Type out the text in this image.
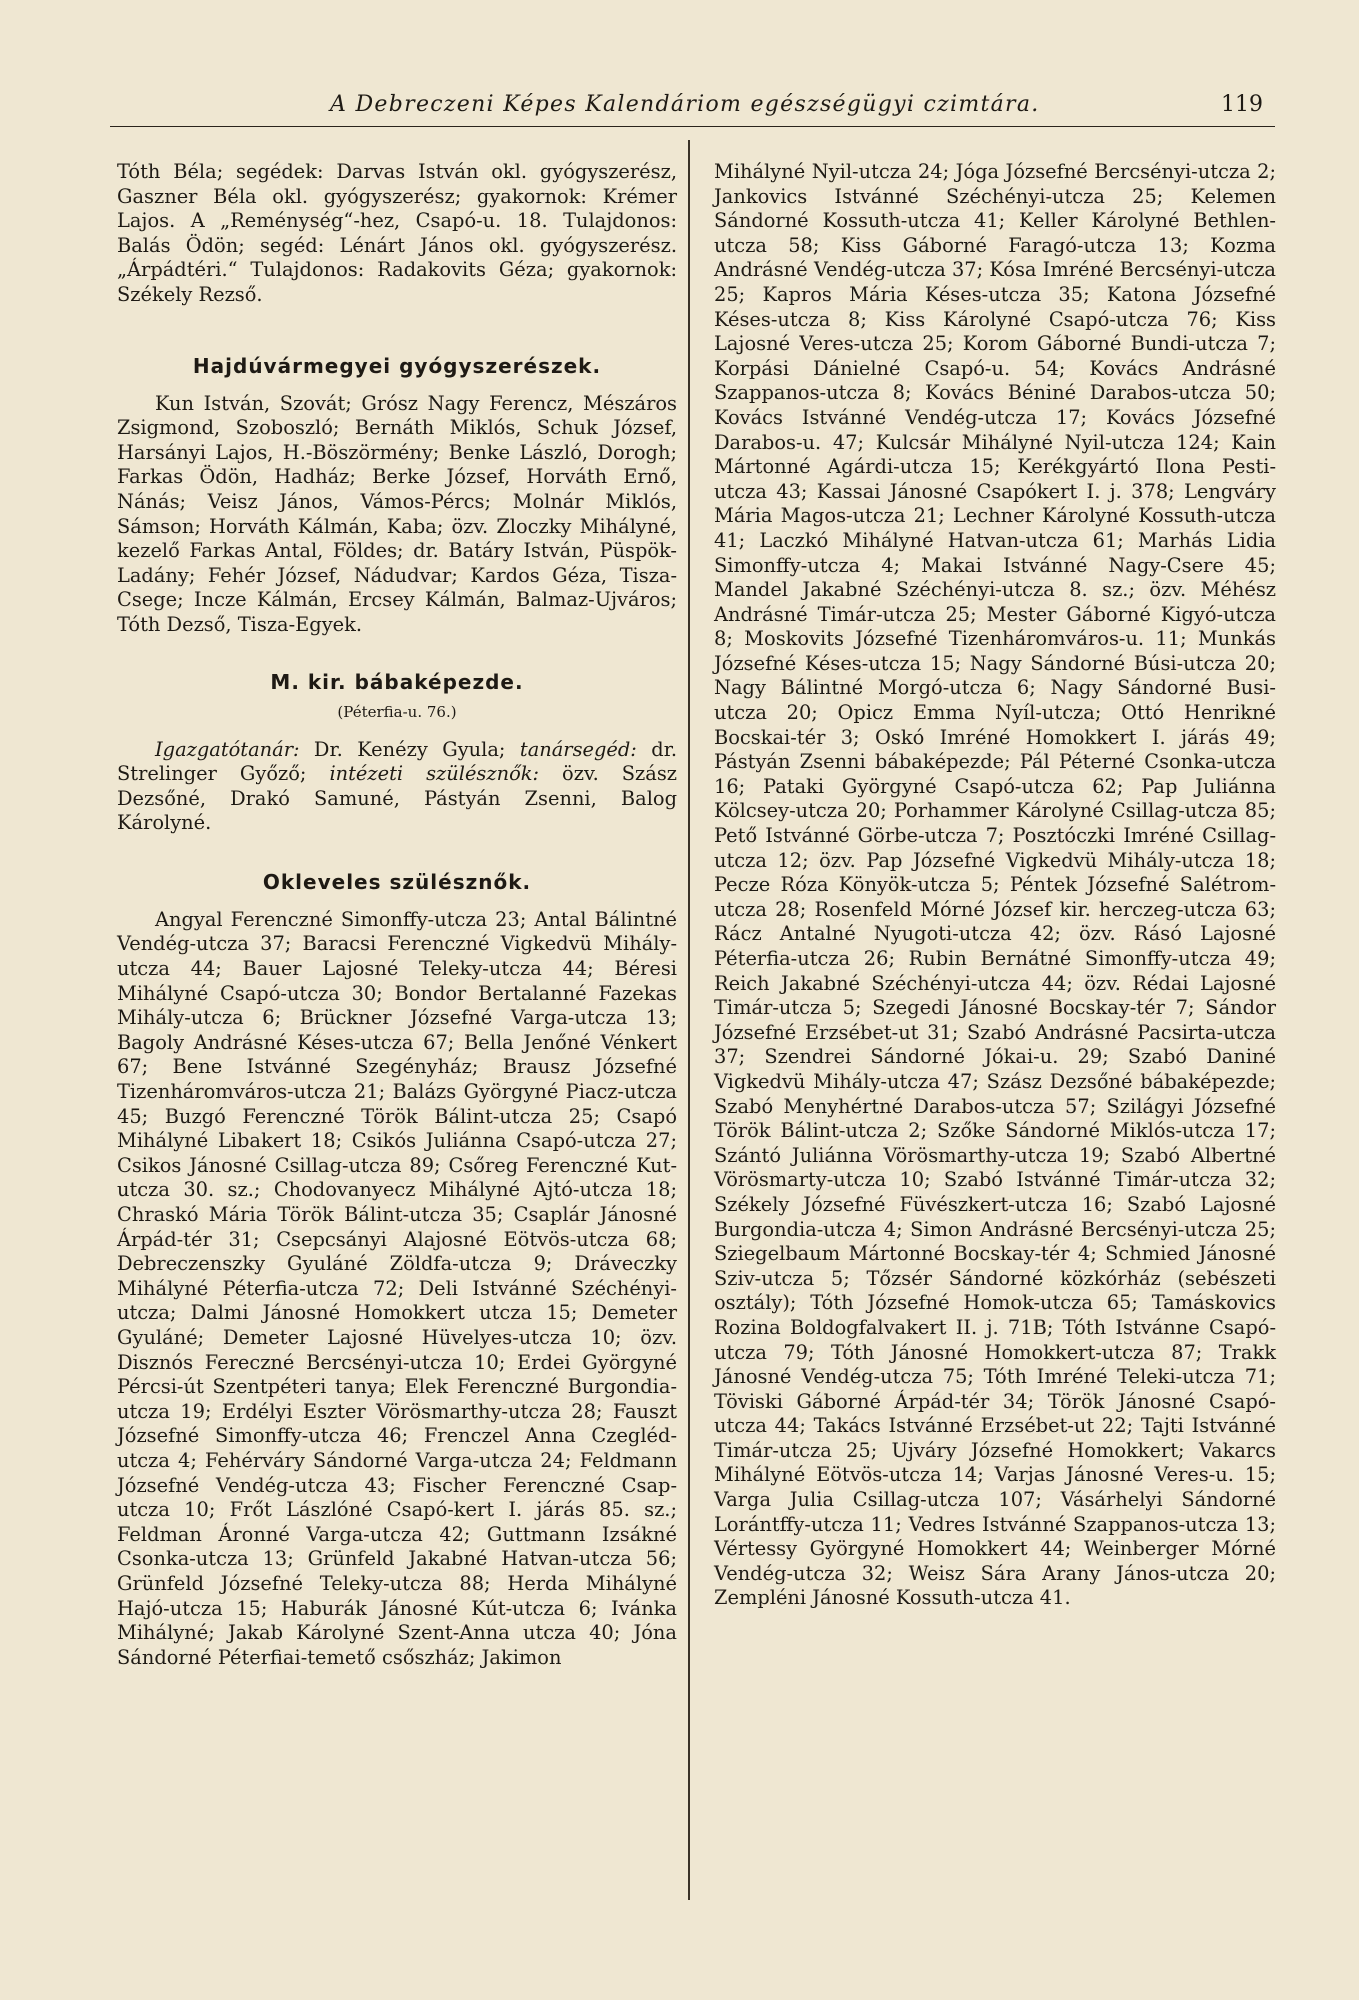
A Debreczeni Képes Kalendáriom egészségügyi czimtára.	119

Tóth Béla; segédek: Darvas István okl. gyógyszerész, Gaszner Béla okl. gyógyszerész; gyakornok: Krémer Lajos. A „Reménység“-hez, Csapó-u. 18. Tulajdonos: Balás Ödön; segéd: Lénárt János okl. gyógyszerész. „Árpádtéri.“ Tulajdonos: Radakovits Géza; gyakornok: Székely Rezső.

Hajdúvármegyei gyógyszerészek.

Kun István, Szovát; Grósz Nagy Ferencz, Mészáros Zsigmond, Szoboszló; Bernáth Miklós, Schuk József, Harsányi Lajos, H.-Böszörmény; Benke László, Dorogh; Farkas Ödön, Hadház; Berke József, Horváth Ernő, Nánás; Veisz János, Vámos-Pércs; Molnár Miklós, Sámson; Horváth Kálmán, Kaba; özv. Zloczky Mihályné, kezelő Farkas Antal, Földes; dr. Batáry István, Püspök-Ladány; Fehér József, Nádudvar; Kardos Géza, Tisza-Csege; Incze Kálmán, Ercsey Kálmán, Balmaz-Ujváros; Tóth Dezső, Tisza-Egyek.

M. kir. bábaképezde.
(Péterfia-u. 76.)

Igazgatótanár: Dr. Kenézy Gyula; tanársegéd: dr. Strelinger Győző; intézeti szülésznők: özv. Szász Dezsőné, Drakó Samuné, Pástyán Zsenni, Balog Károlyné.

Okleveles szülésznők.

Angyal Ferenczné Simonffy-utcza 23; Antal Bálintné Vendég-utcza 37; Baracsi Ferenczné Vigkedvü Mihály-utcza 44; Bauer Lajosné Teleky-utcza 44; Béresi Mihályné Csapó-utcza 30; Bondor Bertalanné Fazekas Mihály-utcza 6; Brückner Józsefné Varga-utcza 13; Bagoly Andrásné Késes-utcza 67; Bella Jenőné Vénkert 67; Bene Istvánné Szegényház; Brausz Józsefné Tizenháromváros-utcza 21; Balázs Györgyné Piacz-utcza 45; Buzgó Ferenczné Török Bálint-utcza 25; Csapó Mihályné Libakert 18; Csikós Juliánna Csapó-utcza 27; Csikos Jánosné Csillag-utcza 89; Csőreg Ferenczné Kut-utcza 30. sz.; Chodovanyecz Mihályné Ajtó-utcza 18; Chraskó Mária Török Bálint-utcza 35; Csaplár Jánosné Árpád-tér 31; Csepcsányi Alajosné Eötvös-utcza 68; Debreczenszky Gyuláné Zöldfa-utcza 9; Dráveczky Mihályné Péterfia-utcza 72; Deli Istvánné Széchényi-utcza; Dalmi Jánosné Homokkert utcza 15; Demeter Gyuláné; Demeter Lajosné Hüvelyes-utcza 10; özv. Disznós Fereczné Bercsényi-utcza 10; Erdei Györgyné Pércsi-út Szentpéteri tanya; Elek Ferenczné Burgondia-utcza 19; Erdélyi Eszter Vörösmarthy-utcza 28; Fauszt Józsefné Simonffy-utcza 46; Frenczel Anna Czegléd-utcza 4; Fehérváry Sándorné Varga-utcza 24; Feldmann Józsefné Vendég-utcza 43; Fischer Ferenczné Csap-utcza 10; Frőt Lászlóné Csapó-kert I. járás 85. sz.; Feldman Áronné Varga-utcza 42; Guttmann Izsákné Csonka-utcza 13; Grünfeld Jakabné Hatvan-utcza 56; Grünfeld Józsefné Teleky-utcza 88; Herda Mihályné Hajó-utcza 15; Haburák Jánosné Kút-utcza 6; Ivánka Mihályné; Jakab Károlyné Szent-Anna utcza 40; Jóna Sándorné Péterfiai-temető csőszház; Jakimon

Mihályné Nyil-utcza 24; Jóga Józsefné Bercsényi-utcza 2; Jankovics Istvánné Széchényi-utcza 25; Kelemen Sándorné Kossuth-utcza 41; Keller Károlyné Bethlen-utcza 58; Kiss Gáborné Faragó-utcza 13; Kozma Andrásné Vendég-utcza 37; Kósa Imréné Bercsényi-utcza 25; Kapros Mária Késes-utcza 35; Katona Józsefné Késes-utcza 8; Kiss Károlyné Csapó-utcza 76; Kiss Lajosné Veres-utcza 25; Korom Gáborné Bundi-utcza 7; Korpási Dánielné Csapó-u. 54; Kovács Andrásné Szappanos-utcza 8; Kovács Béniné Darabos-utcza 50; Kovács Istvánné Vendég-utcza 17; Kovács Józsefné Darabos-u. 47; Kulcsár Mihályné Nyil-utcza 124; Kain Mártonné Agárdi-utcza 15; Kerékgyártó Ilona Pesti-utcza 43; Kassai Jánosné Csapókert I. j. 378; Lengváry Mária Magos-utcza 21; Lechner Károlyné Kossuth-utcza 41; Laczkó Mihályné Hatvan-utcza 61; Marhás Lidia Simonffy-utcza 4; Makai Istvánné Nagy-Csere 45; Mandel Jakabné Széchényi-utcza 8. sz.; özv. Méhész Andrásné Timár-utcza 25; Mester Gáborné Kigyó-utcza 8; Moskovits Józsefné Tizenháromváros-u. 11; Munkás Józsefné Késes-utcza 15; Nagy Sándorné Búsi-utcza 20; Nagy Bálintné Morgó-utcza 6; Nagy Sándorné Busi-utcza 20; Opicz Emma Nyíl-utcza; Ottó Henrikné Bocskai-tér 3; Oskó Imréné Homokkert I. járás 49; Pástyán Zsenni bábaképezde; Pál Péterné Csonka-utcza 16; Pataki Györgyné Csapó-utcza 62; Pap Juliánna Kölcsey-utcza 20; Porhammer Károlyné Csillag-utcza 85; Pető Istvánné Görbe-utcza 7; Posztóczki Imréné Csillag-utcza 12; özv. Pap Józsefné Vigkedvü Mihály-utcza 18; Pecze Róza Könyök-utcza 5; Péntek Józsefné Salétrom-utcza 28; Rosenfeld Mórné József kir. herczeg-utcza 63; Rácz Antalné Nyugoti-utcza 42; özv. Rásó Lajosné Péterfia-utcza 26; Rubin Bernátné Simonffy-utcza 49; Reich Jakabné Széchényi-utcza 44; özv. Rédai Lajosné Timár-utcza 5; Szegedi Jánosné Bocskay-tér 7; Sándor Józsefné Erzsébet-ut 31; Szabó Andrásné Pacsirta-utcza 37; Szendrei Sándorné Jókai-u. 29; Szabó Daniné Vigkedvü Mihály-utcza 47; Szász Dezsőné bábaképezde; Szabó Menyhértné Darabos-utcza 57; Szilágyi Józsefné Török Bálint-utcza 2; Szőke Sándorné Miklós-utcza 17; Szántó Juliánna Vörösmarthy-utcza 19; Szabó Albertné Vörösmarty-utcza 10; Szabó Istvánné Timár-utcza 32; Székely Józsefné Füvészkert-utcza 16; Szabó Lajosné Burgondia-utcza 4; Simon Andrásné Bercsényi-utcza 25; Sziegelbaum Mártonné Bocskay-tér 4; Schmied Jánosné Sziv-utcza 5; Tőzsér Sándorné közkórház (sebészeti osztály); Tóth Józsefné Homok-utcza 65; Tamáskovics Rozina Boldogfalvakert II. j. 71B; Tóth Istvánne Csapó-utcza 79; Tóth Jánosné Homokkert-utcza 87; Trakk Jánosné Vendég-utcza 75; Tóth Imréné Teleki-utcza 71; Töviski Gáborné Árpád-tér 34; Török Jánosné Csapó-utcza 44; Takács Istvánné Erzsébet-ut 22; Tajti Istvánné Timár-utcza 25; Ujváry Józsefné Homokkert; Vakarcs Mihályné Eötvös-utcza 14; Varjas Jánosné Veres-u. 15; Varga Julia Csillag-utcza 107; Vásárhelyi Sándorné Lorántffy-utcza 11; Vedres Istvánné Szappanos-utcza 13; Vértessy Györgyné Homokkert 44; Weinberger Mórné Vendég-utcza 32; Weisz Sára Arany János-utcza 20; Zempléni Jánosné Kossuth-utcza 41.
